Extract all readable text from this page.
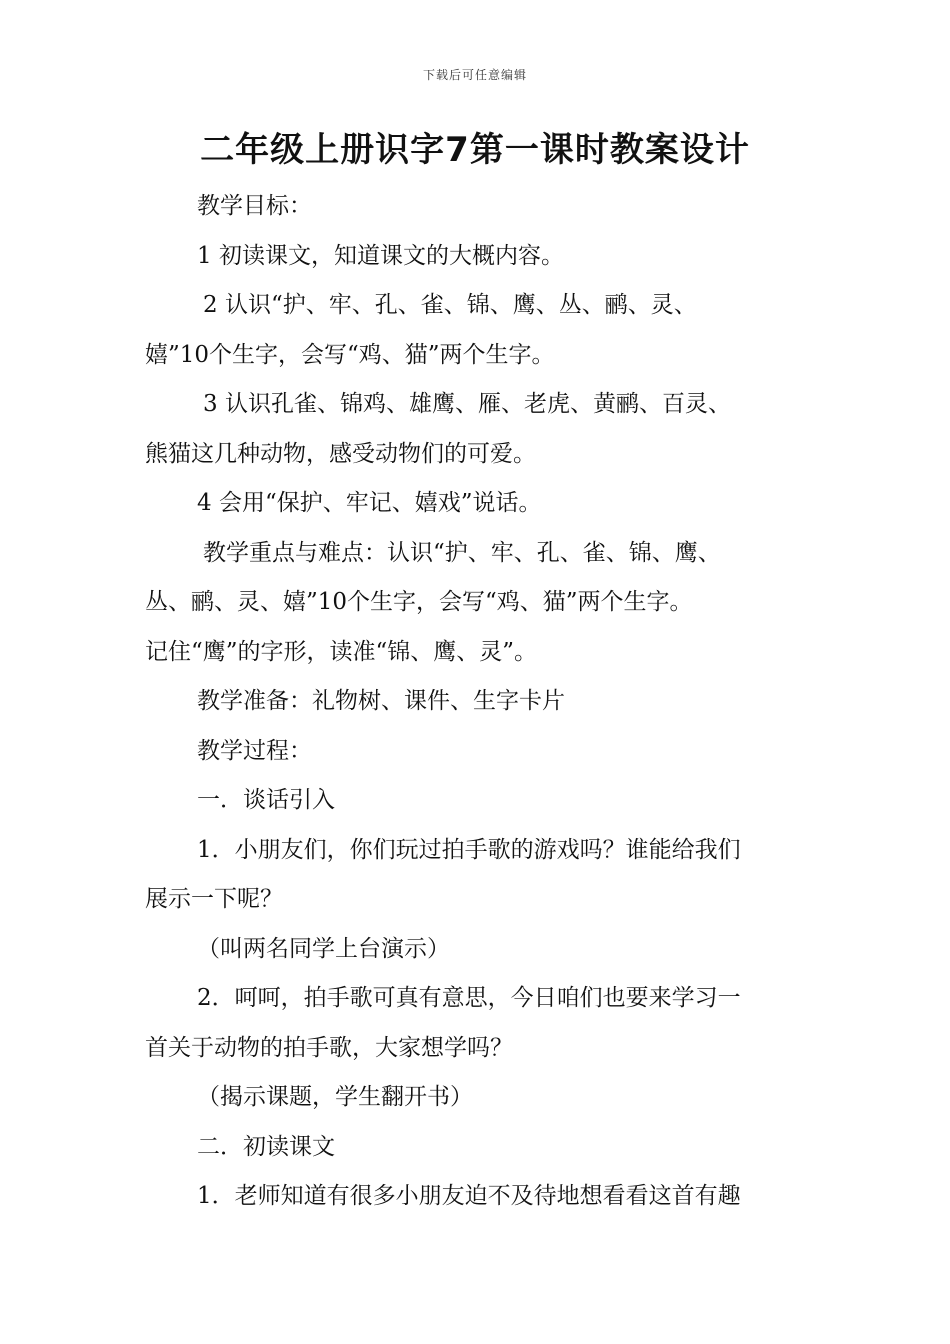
下载后可任意编辑
二年级上册识字7第一课时教案设计
教学目标：
1 初读课文，知道课文的大概内容。
2 认识“护、牢、孔、雀、锦、鹰、丛、鹂、灵、
嬉”10个生字，会写“鸡、猫”两个生字。
3 认识孔雀、锦鸡、雄鹰、雁、老虎、黄鹂、百灵、
熊猫这几种动物，感受动物们的可爱。
4 会用“保护、牢记、嬉戏”说话。
教学重点与难点：认识“护、牢、孔、雀、锦、鹰、
丛、鹂、灵、嬉”10个生字，会写“鸡、猫”两个生字。
记住“鹰”的字形，读准“锦、鹰、灵”。
教学准备：礼物树、课件、生字卡片
教学过程：
一．谈话引入
1．小朋友们，你们玩过拍手歌的游戏吗？谁能给我们
展示一下呢？
（叫两名同学上台演示）
2．呵呵，拍手歌可真有意思，今日咱们也要来学习一
首关于动物的拍手歌，大家想学吗？
（揭示课题，学生翻开书）
二．初读课文
1．老师知道有很多小朋友迫不及待地想看看这首有趣
